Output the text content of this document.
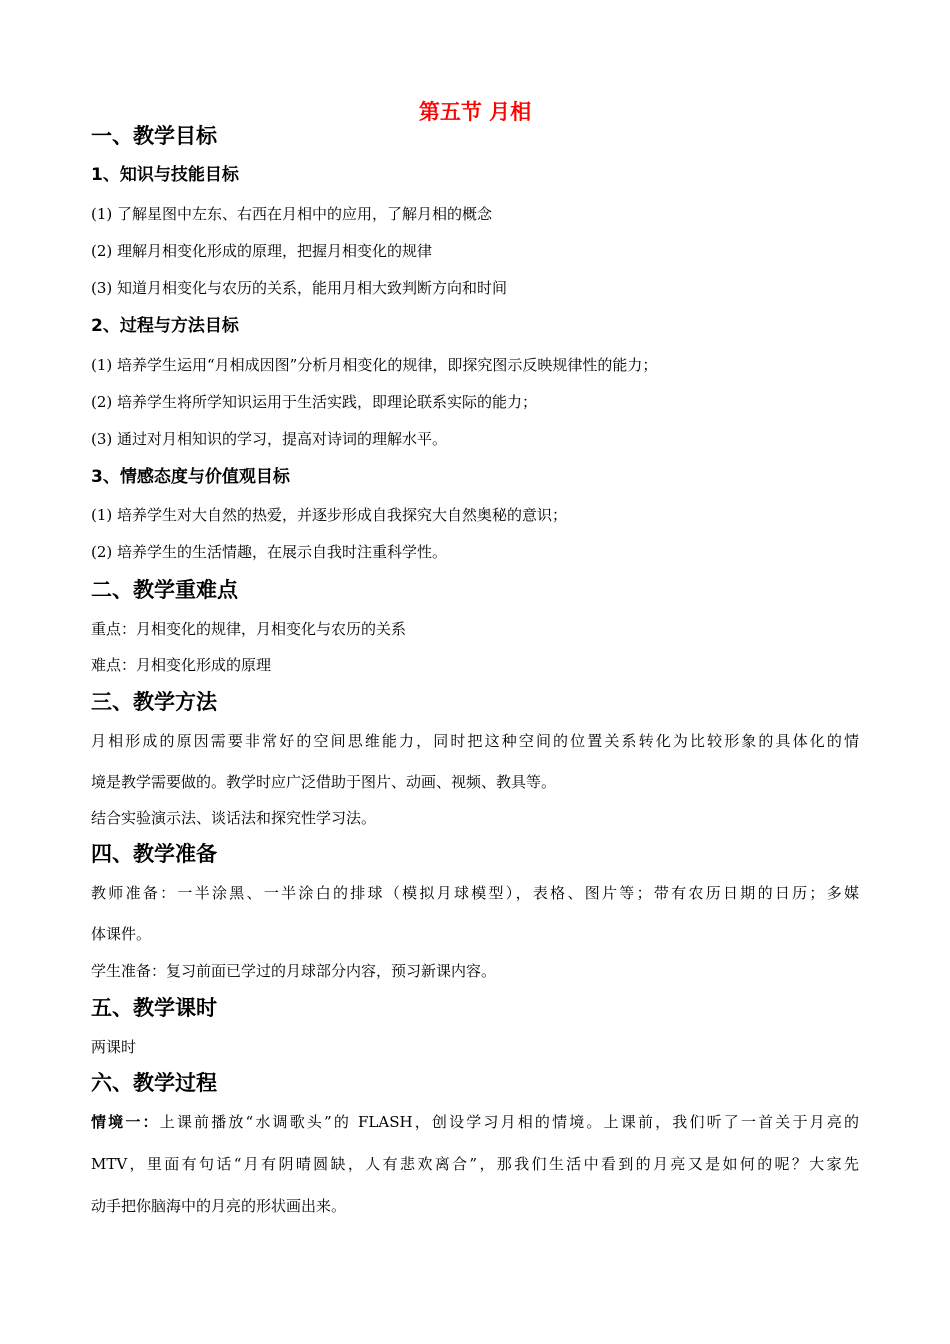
第五节 月相
一、教学目标
1、知识与技能目标
(1) 了解星图中左东、右西在月相中的应用，了解月相的概念
(2) 理解月相变化形成的原理，把握月相变化的规律
(3) 知道月相变化与农历的关系，能用月相大致判断方向和时间
2、过程与方法目标
(1) 培养学生运用“月相成因图”分析月相变化的规律，即探究图示反映规律性的能力；
(2) 培养学生将所学知识运用于生活实践，即理论联系实际的能力；
(3) 通过对月相知识的学习，提高对诗词的理解水平。
3、情感态度与价值观目标
(1) 培养学生对大自然的热爱，并逐步形成自我探究大自然奥秘的意识；
(2) 培养学生的生活情趣，在展示自我时注重科学性。
二、教学重难点
重点：月相变化的规律，月相变化与农历的关系
难点：月相变化形成的原理
三、教学方法
月相形成的原因需要非常好的空间思维能力，同时把这种空间的位置关系转化为比较形象的具体化的情
境是教学需要做的。教学时应广泛借助于图片、动画、视频、教具等。
结合实验演示法、谈话法和探究性学习法。
四、教学准备
教师准备：一半涂黑、一半涂白的排球（模拟月球模型），表格、图片等；带有农历日期的日历；多媒
体课件。
学生准备：复习前面已学过的月球部分内容，预习新课内容。
五、教学课时
两课时
六、教学过程
情境一：上课前播放“水调歌头”的 FLASH，创设学习月相的情境。上课前，我们听了一首关于月亮的
MTV，里面有句话“月有阴晴圆缺，人有悲欢离合”，那我们生活中看到的月亮又是如何的呢？大家先
动手把你脑海中的月亮的形状画出来。
